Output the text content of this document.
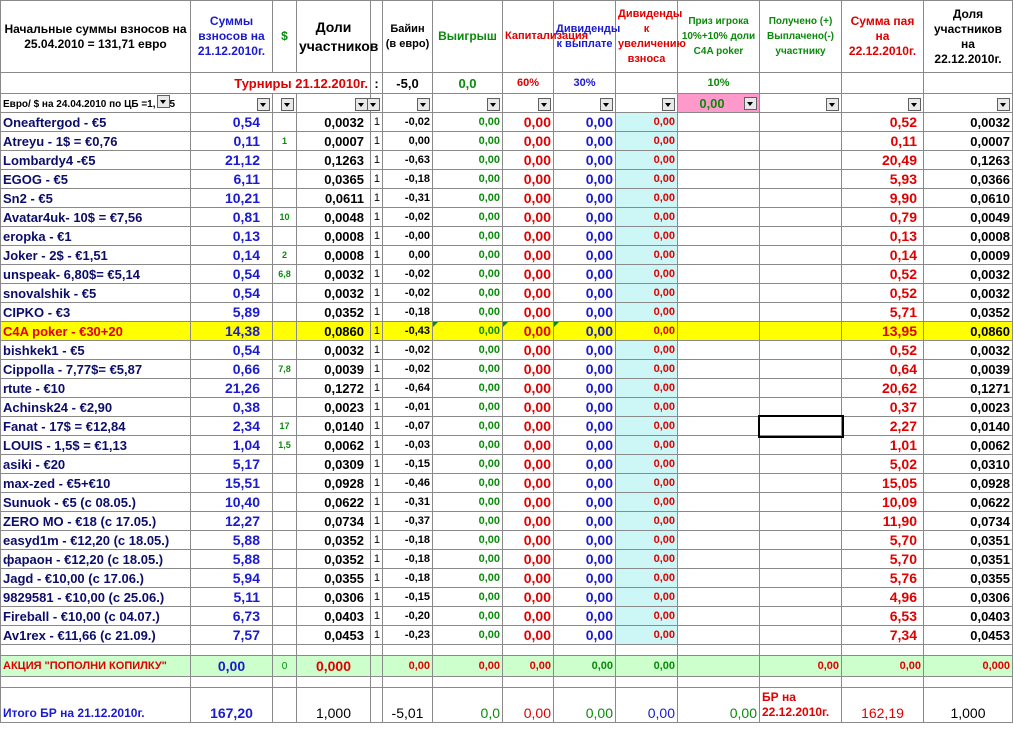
Начальные суммы взносов на 25.04.2010 = 131,71 евро	Суммы взносов на 21.12.2010г.	$	Доли участников		Байин (в евро)	Выигрыш	Капитализация	Дивиденды к выплате	Дивиденды к увеличению взноса	Приз игрока 10%+10% доли C4A poker	Получено (+) Выплачено(-) участнику	Сумма пая на 22.12.2010г.	Доля участников на 22.12.2010г.
	Турниры 21.12.2010г.			:	-5,0	0,0	60%	30%		10%			
Евро/ $ на 24.04.2010 по ЦБ =1, 5										0,00

Oneaftergod - €5	0,54		0,0032	1	-0,02	0,00	0,00	0,00	0,00			0,52	0,0032
Atreyu - 1$ = €0,76	0,11	1	0,0007	1	0,00	0,00	0,00	0,00	0,00			0,11	0,0007
Lombardy4 -€5	21,12		0,1263	1	-0,63	0,00	0,00	0,00	0,00			20,49	0,1263
EGOG - €5	6,11		0,0365	1	-0,18	0,00	0,00	0,00	0,00			5,93	0,0366
Sn2 - €5	10,21		0,0611	1	-0,31	0,00	0,00	0,00	0,00			9,90	0,0610
Avatar4uk- 10$ = €7,56	0,81	10	0,0048	1	-0,02	0,00	0,00	0,00	0,00			0,79	0,0049
eropka - €1	0,13		0,0008	1	-0,00	0,00	0,00	0,00	0,00			0,13	0,0008
Joker - 2$ - €1,51	0,14	2	0,0008	1	0,00	0,00	0,00	0,00	0,00			0,14	0,0009
unspeak- 6,80$= €5,14	0,54	6,8	0,0032	1	-0,02	0,00	0,00	0,00	0,00			0,52	0,0032
snovalshik - €5	0,54		0,0032	1	-0,02	0,00	0,00	0,00	0,00			0,52	0,0032
CIPKO - €3	5,89		0,0352	1	-0,18	0,00	0,00	0,00	0,00			5,71	0,0352
C4A poker - €30+20	14,38		0,0860	1	-0,43	0,00	0,00	0,00	0,00			13,95	0,0860
bishkek1 - €5	0,54		0,0032	1	-0,02	0,00	0,00	0,00	0,00			0,52	0,0032
Cippolla - 7,77$= €5,87	0,66	7,8	0,0039	1	-0,02	0,00	0,00	0,00	0,00			0,64	0,0039
rtute - €10	21,26		0,1272	1	-0,64	0,00	0,00	0,00	0,00			20,62	0,1271
Achinsk24 - €2,90	0,38		0,0023	1	-0,01	0,00	0,00	0,00	0,00			0,37	0,0023
Fanat - 17$ = €12,84	2,34	17	0,0140	1	-0,07	0,00	0,00	0,00	0,00			2,27	0,0140
LOUIS - 1,5$ = €1,13	1,04	1,5	0,0062	1	-0,03	0,00	0,00	0,00	0,00			1,01	0,0062
asiki - €20	5,17		0,0309	1	-0,15	0,00	0,00	0,00	0,00			5,02	0,0310
max-zed - €5+€10	15,51		0,0928	1	-0,46	0,00	0,00	0,00	0,00			15,05	0,0928
Sunuok - €5 (с 08.05.)	10,40		0,0622	1	-0,31	0,00	0,00	0,00	0,00			10,09	0,0622
ZERO MO - €18 (с 17.05.)	12,27		0,0734	1	-0,37	0,00	0,00	0,00	0,00			11,90	0,0734
easyd1m - €12,20 (с 18.05.)	5,88		0,0352	1	-0,18	0,00	0,00	0,00	0,00			5,70	0,0351
фараон - €12,20 (с 18.05.)	5,88		0,0352	1	-0,18	0,00	0,00	0,00	0,00			5,70	0,0351
Jagd - €10,00 (с 17.06.)	5,94		0,0355	1	-0,18	0,00	0,00	0,00	0,00			5,76	0,0355
9829581 - €10,00 (с 25.06.)	5,11		0,0306	1	-0,15	0,00	0,00	0,00	0,00			4,96	0,0306
Fireball - €10,00 (с 04.07.)	6,73		0,0403	1	-0,20	0,00	0,00	0,00	0,00			6,53	0,0403
Av1rex - €11,66 (с 21.09.)	7,57		0,0453	1	-0,23	0,00	0,00	0,00	0,00			7,34	0,0453

АКЦИЯ "ПОПОЛНИ КОПИЛКУ"	0,00	0	0,000		0,00	0,00	0,00	0,00	0,00		0,00	0,00	0,000

Итого БР на 21.12.2010г.	167,20		1,000		-5,01	0,0	0,00	0,00	0,00	0,00	БР на 22.12.2010г.	162,19	1,000
